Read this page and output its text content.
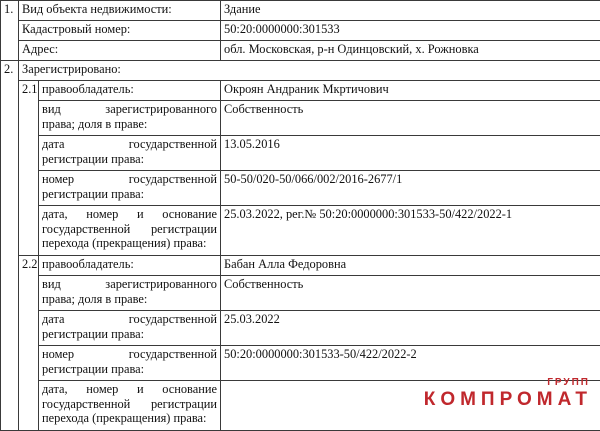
1.	Вид объекта недвижимости:		Здание
	Кадастровый номер:		50:20:0000000:301533
	Адрес:		обл. Московская, р-н Одинцовский, х. Рожновка
2.	Зарегистрировано:		
	2.1	правообладатель:	Окроян Андраник Мкртичович
		вид зарегистрированного
права; доля в праве:	Собственность
		дата государственной
регистрации права:	13.05.2016
		номер государственной
регистрации права:	50-50/020-50/066/002/2016-2677/1
		дата, номер и основание
государственной регистрации
перехода (прекращения) права:	25.03.2022, рег.№ 50:20:0000000:301533-50/422/2022-1
	2.2	правообладатель:	Бабан Алла Федоровна
		вид зарегистрированного
права; доля в праве:	Собственность
		дата государственной
регистрации права:	25.03.2022
		номер государственной
регистрации права:	50:20:0000000:301533-50/422/2022-2
		дата, номер и основание
государственной регистрации
перехода (прекращения) права:	

ГРУПП
КОМПРОМАТ
